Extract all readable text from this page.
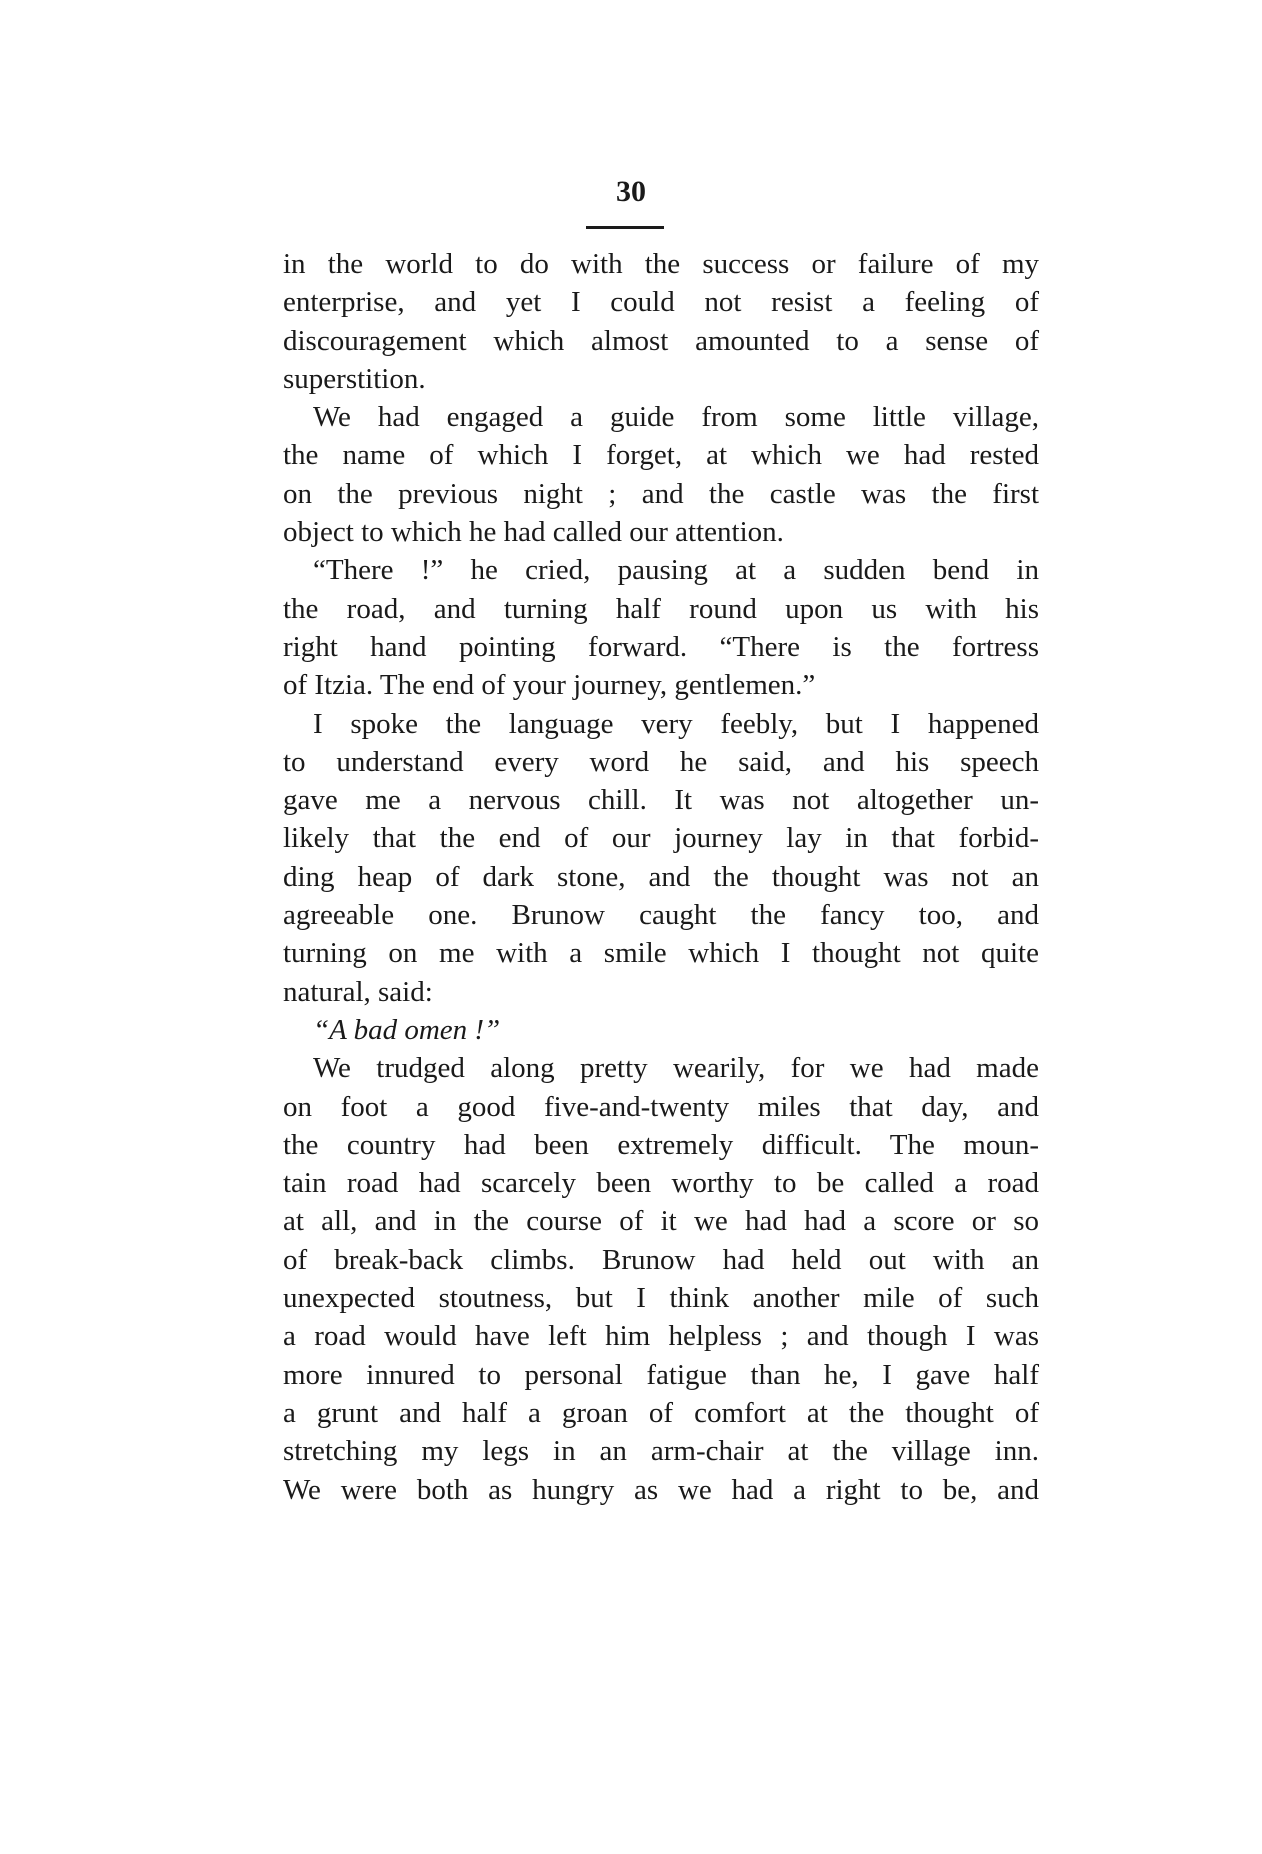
30
in the world to do with the success or failure of my
enterprise, and yet I could not resist a feeling of
discouragement which almost amounted to a sense of
superstition.
We had engaged a guide from some little village,
the name of which I forget, at which we had rested
on the previous night ; and the castle was the first
object to which he had called our attention.
“There !” he cried, pausing at a sudden bend in
the road, and turning half round upon us with his
right hand pointing forward. “There is the fortress
of Itzia. The end of your journey, gentlemen.”
I spoke the language very feebly, but I happened
to understand every word he said, and his speech
gave me a nervous chill. It was not altogether un-
likely that the end of our journey lay in that forbid-
ding heap of dark stone, and the thought was not an
agreeable one. Brunow caught the fancy too, and
turning on me with a smile which I thought not quite
natural, said:
“A bad omen !”
We trudged along pretty wearily, for we had made
on foot a good five-and-twenty miles that day, and
the country had been extremely difficult. The moun-
tain road had scarcely been worthy to be called a road
at all, and in the course of it we had had a score or so
of break-back climbs. Brunow had held out with an
unexpected stoutness, but I think another mile of such
a road would have left him helpless ; and though I was
more innured to personal fatigue than he, I gave half
a grunt and half a groan of comfort at the thought of
stretching my legs in an arm-chair at the village inn.
We were both as hungry as we had a right to be, and
